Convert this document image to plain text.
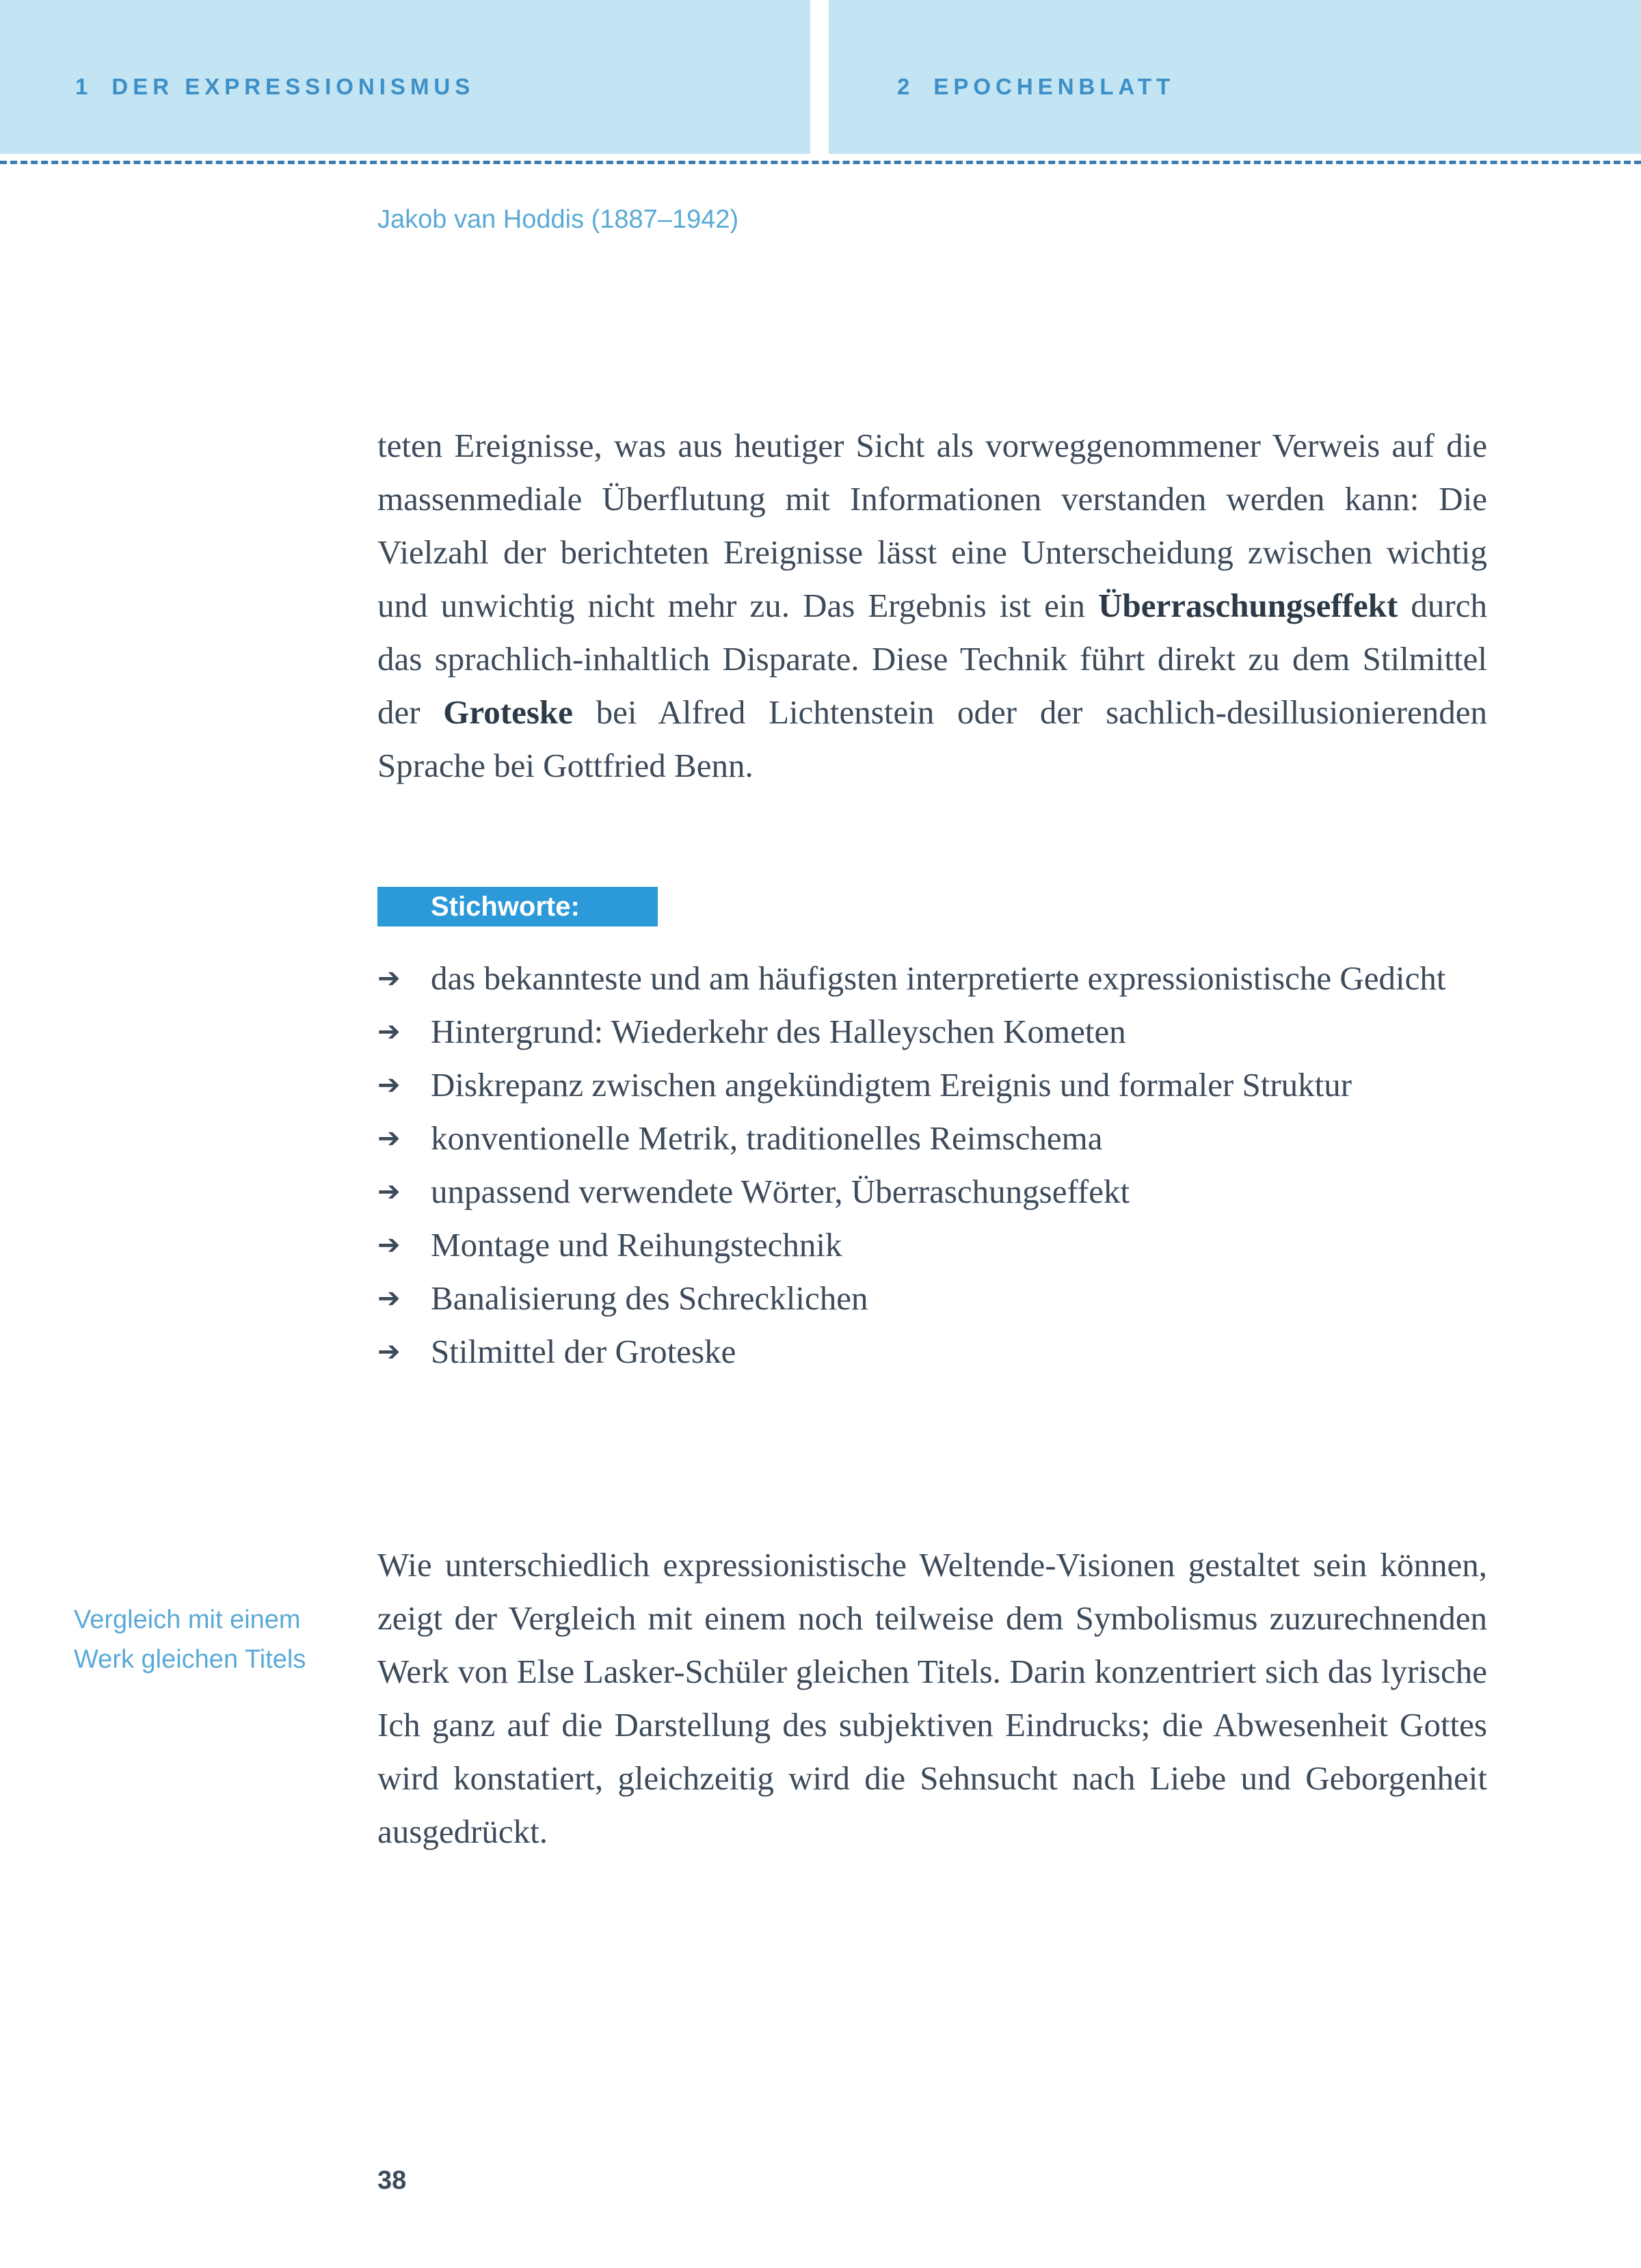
1 DER EXPRESSIONISMUS	2 EPOCHENBLATT
Jakob van Hoddis (1887–1942)

teten Ereignisse, was aus heutiger Sicht als vorweggenommener Verweis auf die massenmediale Überflutung mit Informationen verstanden werden kann: Die Vielzahl der berichteten Ereignisse lässt eine Unterscheidung zwischen wichtig und unwichtig nicht mehr zu. Das Ergebnis ist ein Überraschungseffekt durch das sprachlich-inhaltlich Disparate. Diese Technik führt direkt zu dem Stilmittel der Groteske bei Alfred Lichtenstein oder der sachlich-desillusionierenden Sprache bei Gottfried Benn.

Stichworte:
➔ das bekannteste und am häufigsten interpretierte expressionistische Gedicht
➔ Hintergrund: Wiederkehr des Halleyschen Kometen
➔ Diskrepanz zwischen angekündigtem Ereignis und formaler Struktur
➔ konventionelle Metrik, traditionelles Reimschema
➔ unpassend verwendete Wörter, Überraschungseffekt
➔ Montage und Reihungstechnik
➔ Banalisierung des Schrecklichen
➔ Stilmittel der Groteske
Vergleich mit einem Werk gleichen Titels

Wie unterschiedlich expressionistische Weltende-Visionen gestaltet sein können, zeigt der Vergleich mit einem noch teilweise dem Symbolismus zuzurechnenden Werk von Else Lasker-Schüler gleichen Titels. Darin konzentriert sich das lyrische Ich ganz auf die Darstellung des subjektiven Eindrucks; die Abwesenheit Gottes wird konstatiert, gleichzeitig wird die Sehnsucht nach Liebe und Geborgenheit ausgedrückt.

38
